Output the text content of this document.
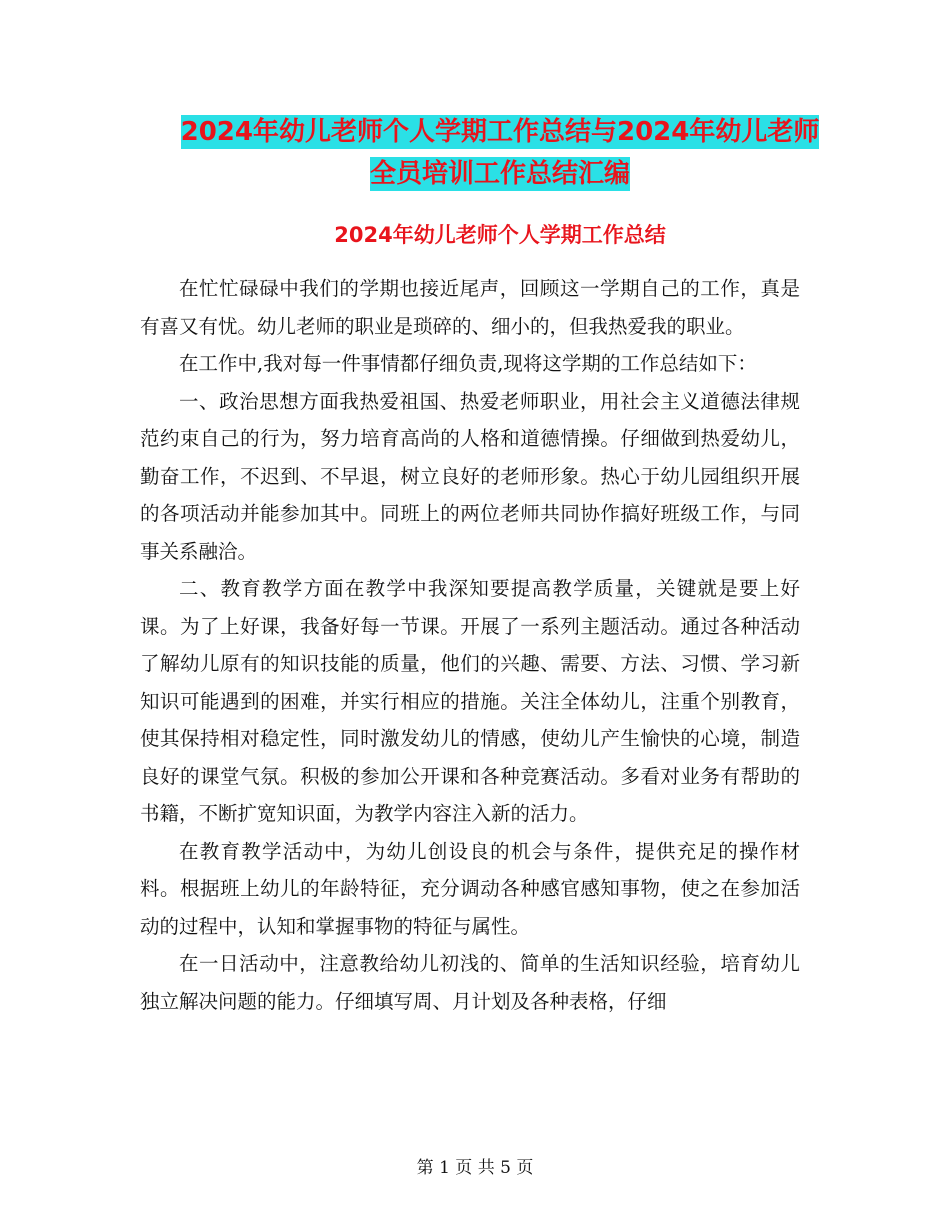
2024年幼儿老师个人学期工作总结与2024年幼儿老师
全员培训工作总结汇编
2024年幼儿老师个人学期工作总结

在忙忙碌碌中我们的学期也接近尾声，回顾这一学期自己的工作，真是有喜又有忧。幼儿老师的职业是琐碎的、细小的，但我热爱我的职业。

在工作中,我对每一件事情都仔细负责,现将这学期的工作总结如下：

一、政治思想方面我热爱祖国、热爱老师职业，用社会主义道德法律规范约束自己的行为，努力培育高尚的人格和道德情操。仔细做到热爱幼儿，勤奋工作，不迟到、不早退，树立良好的老师形象。热心于幼儿园组织开展的各项活动并能参加其中。同班上的两位老师共同协作搞好班级工作，与同事关系融洽。

二、教育教学方面在教学中我深知要提高教学质量，关键就是要上好课。为了上好课，我备好每一节课。开展了一系列主题活动。通过各种活动了解幼儿原有的知识技能的质量，他们的兴趣、需要、方法、习惯、学习新知识可能遇到的困难，并实行相应的措施。关注全体幼儿，注重个别教育，使其保持相对稳定性，同时激发幼儿的情感，使幼儿产生愉快的心境，制造良好的课堂气氛。积极的参加公开课和各种竞赛活动。多看对业务有帮助的书籍，不断扩宽知识面，为教学内容注入新的活力。

在教育教学活动中，为幼儿创设良的机会与条件，提供充足的操作材料。根据班上幼儿的年龄特征，充分调动各种感官感知事物，使之在参加活动的过程中，认知和掌握事物的特征与属性。

在一日活动中，注意教给幼儿初浅的、简单的生活知识经验，培育幼儿独立解决问题的能力。仔细填写周、月计划及各种表格，仔细

第 1 页 共 5 页
